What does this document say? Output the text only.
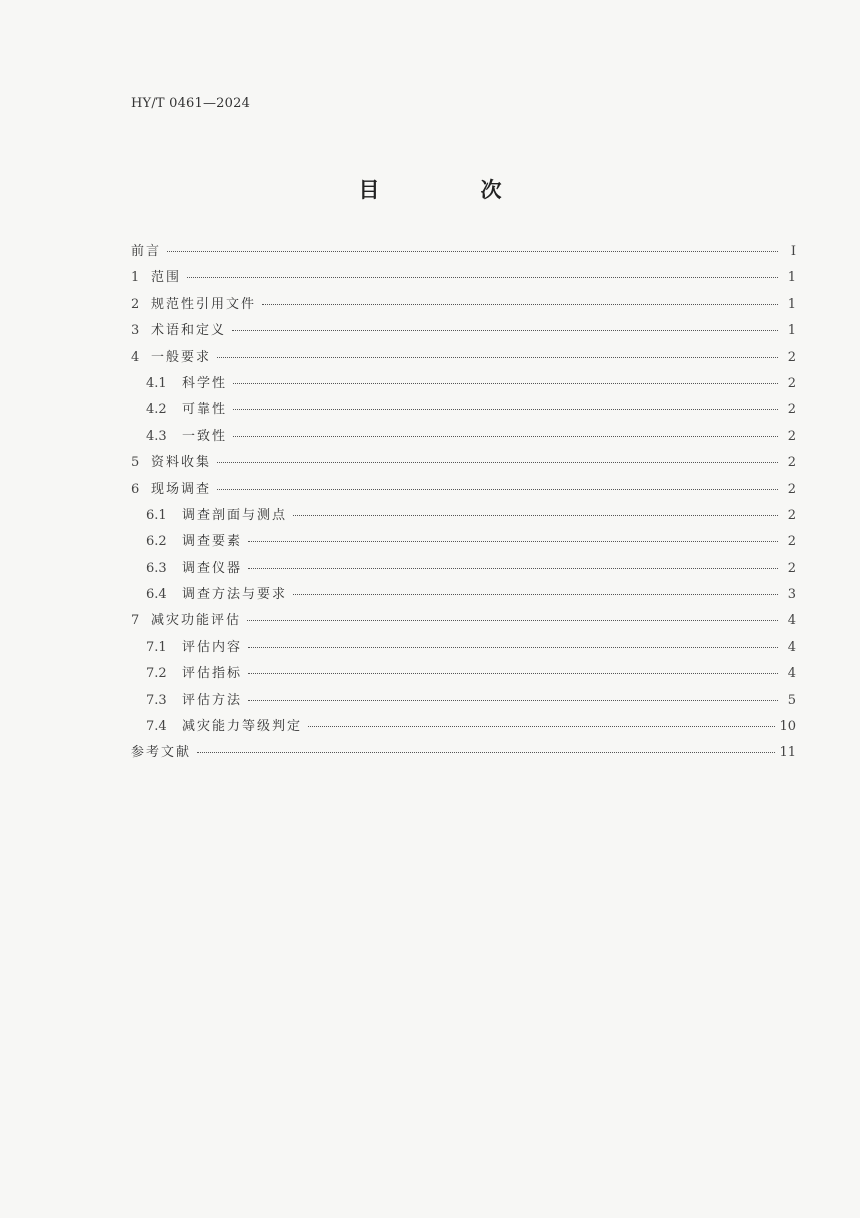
HY/T 0461—2024
目　次
前言	I
1 范围	1
2 规范性引用文件	1
3 术语和定义	1
4 一般要求	2
4.1	科学性	2
4.2	可靠性	2
4.3	一致性	2
5 资料收集	2
6 现场调查	2
6.1	调查剖面与测点	2
6.2	调查要素	2
6.3	调查仪器	2
6.4	调查方法与要求	3
7 减灾功能评估	4
7.1	评估内容	4
7.2	评估指标	4
7.3	评估方法	5
7.4	减灾能力等级判定	10
参考文献	11
